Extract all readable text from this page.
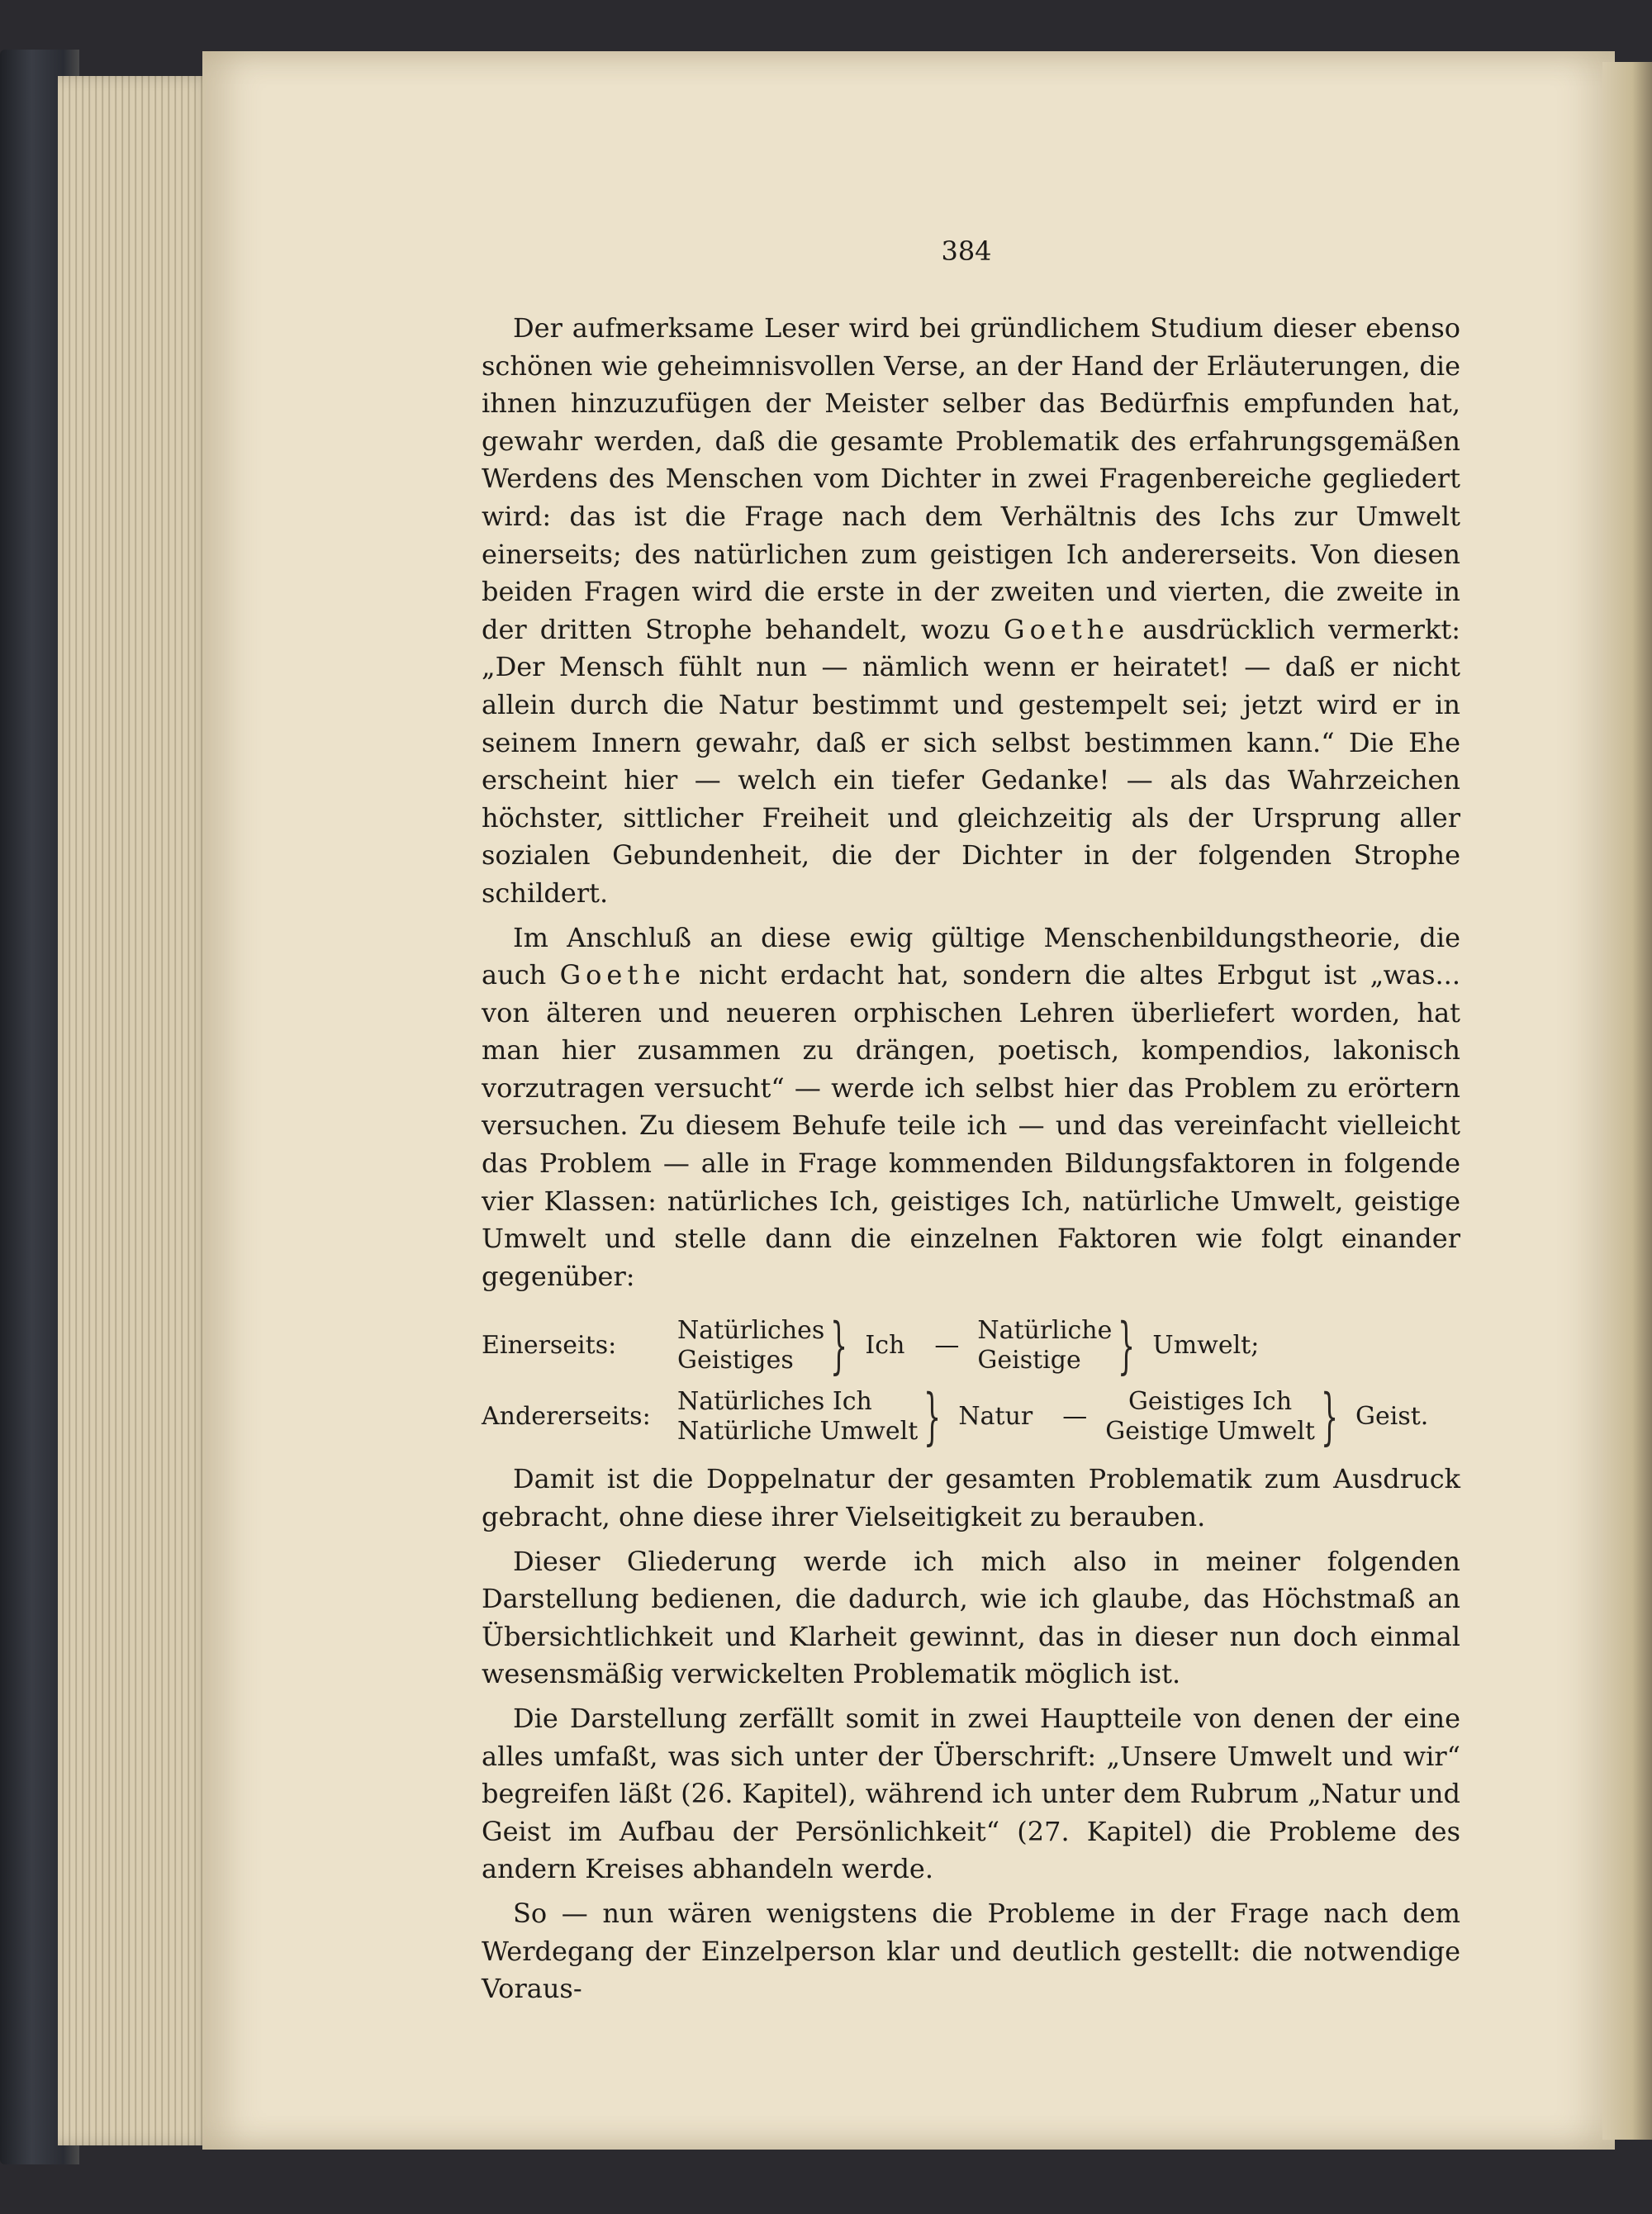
384

Der aufmerksame Leser wird bei gründlichem Studium dieser ebenso schönen wie geheimnisvollen Verse, an der Hand der Erläuterungen, die ihnen hinzuzufügen der Meister selber das Bedürfnis empfunden hat, gewahr werden, daß die gesamte Problematik des erfahrungsgemäßen Werdens des Menschen vom Dichter in zwei Fragenbereiche gegliedert wird: das ist die Frage nach dem Verhältnis des Ichs zur Umwelt einerseits; des natürlichen zum geistigen Ich andererseits. Von diesen beiden Fragen wird die erste in der zweiten und vierten, die zweite in der dritten Strophe behandelt, wozu Goethe ausdrücklich vermerkt: „Der Mensch fühlt nun — nämlich wenn er heiratet! — daß er nicht allein durch die Natur bestimmt und gestempelt sei; jetzt wird er in seinem Innern gewahr, daß er sich selbst bestimmen kann.“ Die Ehe erscheint hier — welch ein tiefer Gedanke! — als das Wahrzeichen höchster, sittlicher Freiheit und gleichzeitig als der Ursprung aller sozialen Gebundenheit, die der Dichter in der folgenden Strophe schildert.

Im Anschluß an diese ewig gültige Menschenbildungstheorie, die auch Goethe nicht erdacht hat, sondern die altes Erbgut ist „was... von älteren und neueren orphischen Lehren überliefert worden, hat man hier zusammen zu drängen, poetisch, kompendios, lakonisch vorzutragen versucht“ — werde ich selbst hier das Problem zu erörtern versuchen. Zu diesem Behufe teile ich — und das vereinfacht vielleicht das Problem — alle in Frage kommenden Bildungsfaktoren in folgende vier Klassen: natürliches Ich, geistiges Ich, natürliche Umwelt, geistige Umwelt und stelle dann die einzelnen Faktoren wie folgt einander gegenüber:

Einerseits:
Natürliches
Geistiges } Ich —
Natürliche
Geistige } Umwelt;
Andererseits:
Natürliches Ich
Natürliche Umwelt } Natur —
Geistiges Ich
Geistige Umwelt } Geist.

Damit ist die Doppelnatur der gesamten Problematik zum Ausdruck gebracht, ohne diese ihrer Vielseitigkeit zu berauben.

Dieser Gliederung werde ich mich also in meiner folgenden Darstellung bedienen, die dadurch, wie ich glaube, das Höchstmaß an Übersichtlichkeit und Klarheit gewinnt, das in dieser nun doch einmal wesensmäßig verwickelten Problematik möglich ist.

Die Darstellung zerfällt somit in zwei Hauptteile von denen der eine alles umfaßt, was sich unter der Überschrift: „Unsere Umwelt und wir“ begreifen läßt (26. Kapitel), während ich unter dem Rubrum „Natur und Geist im Aufbau der Persönlichkeit“ (27. Kapitel) die Probleme des andern Kreises abhandeln werde.

So — nun wären wenigstens die Probleme in der Frage nach dem Werdegang der Einzelperson klar und deutlich gestellt: die notwendige Voraus-
